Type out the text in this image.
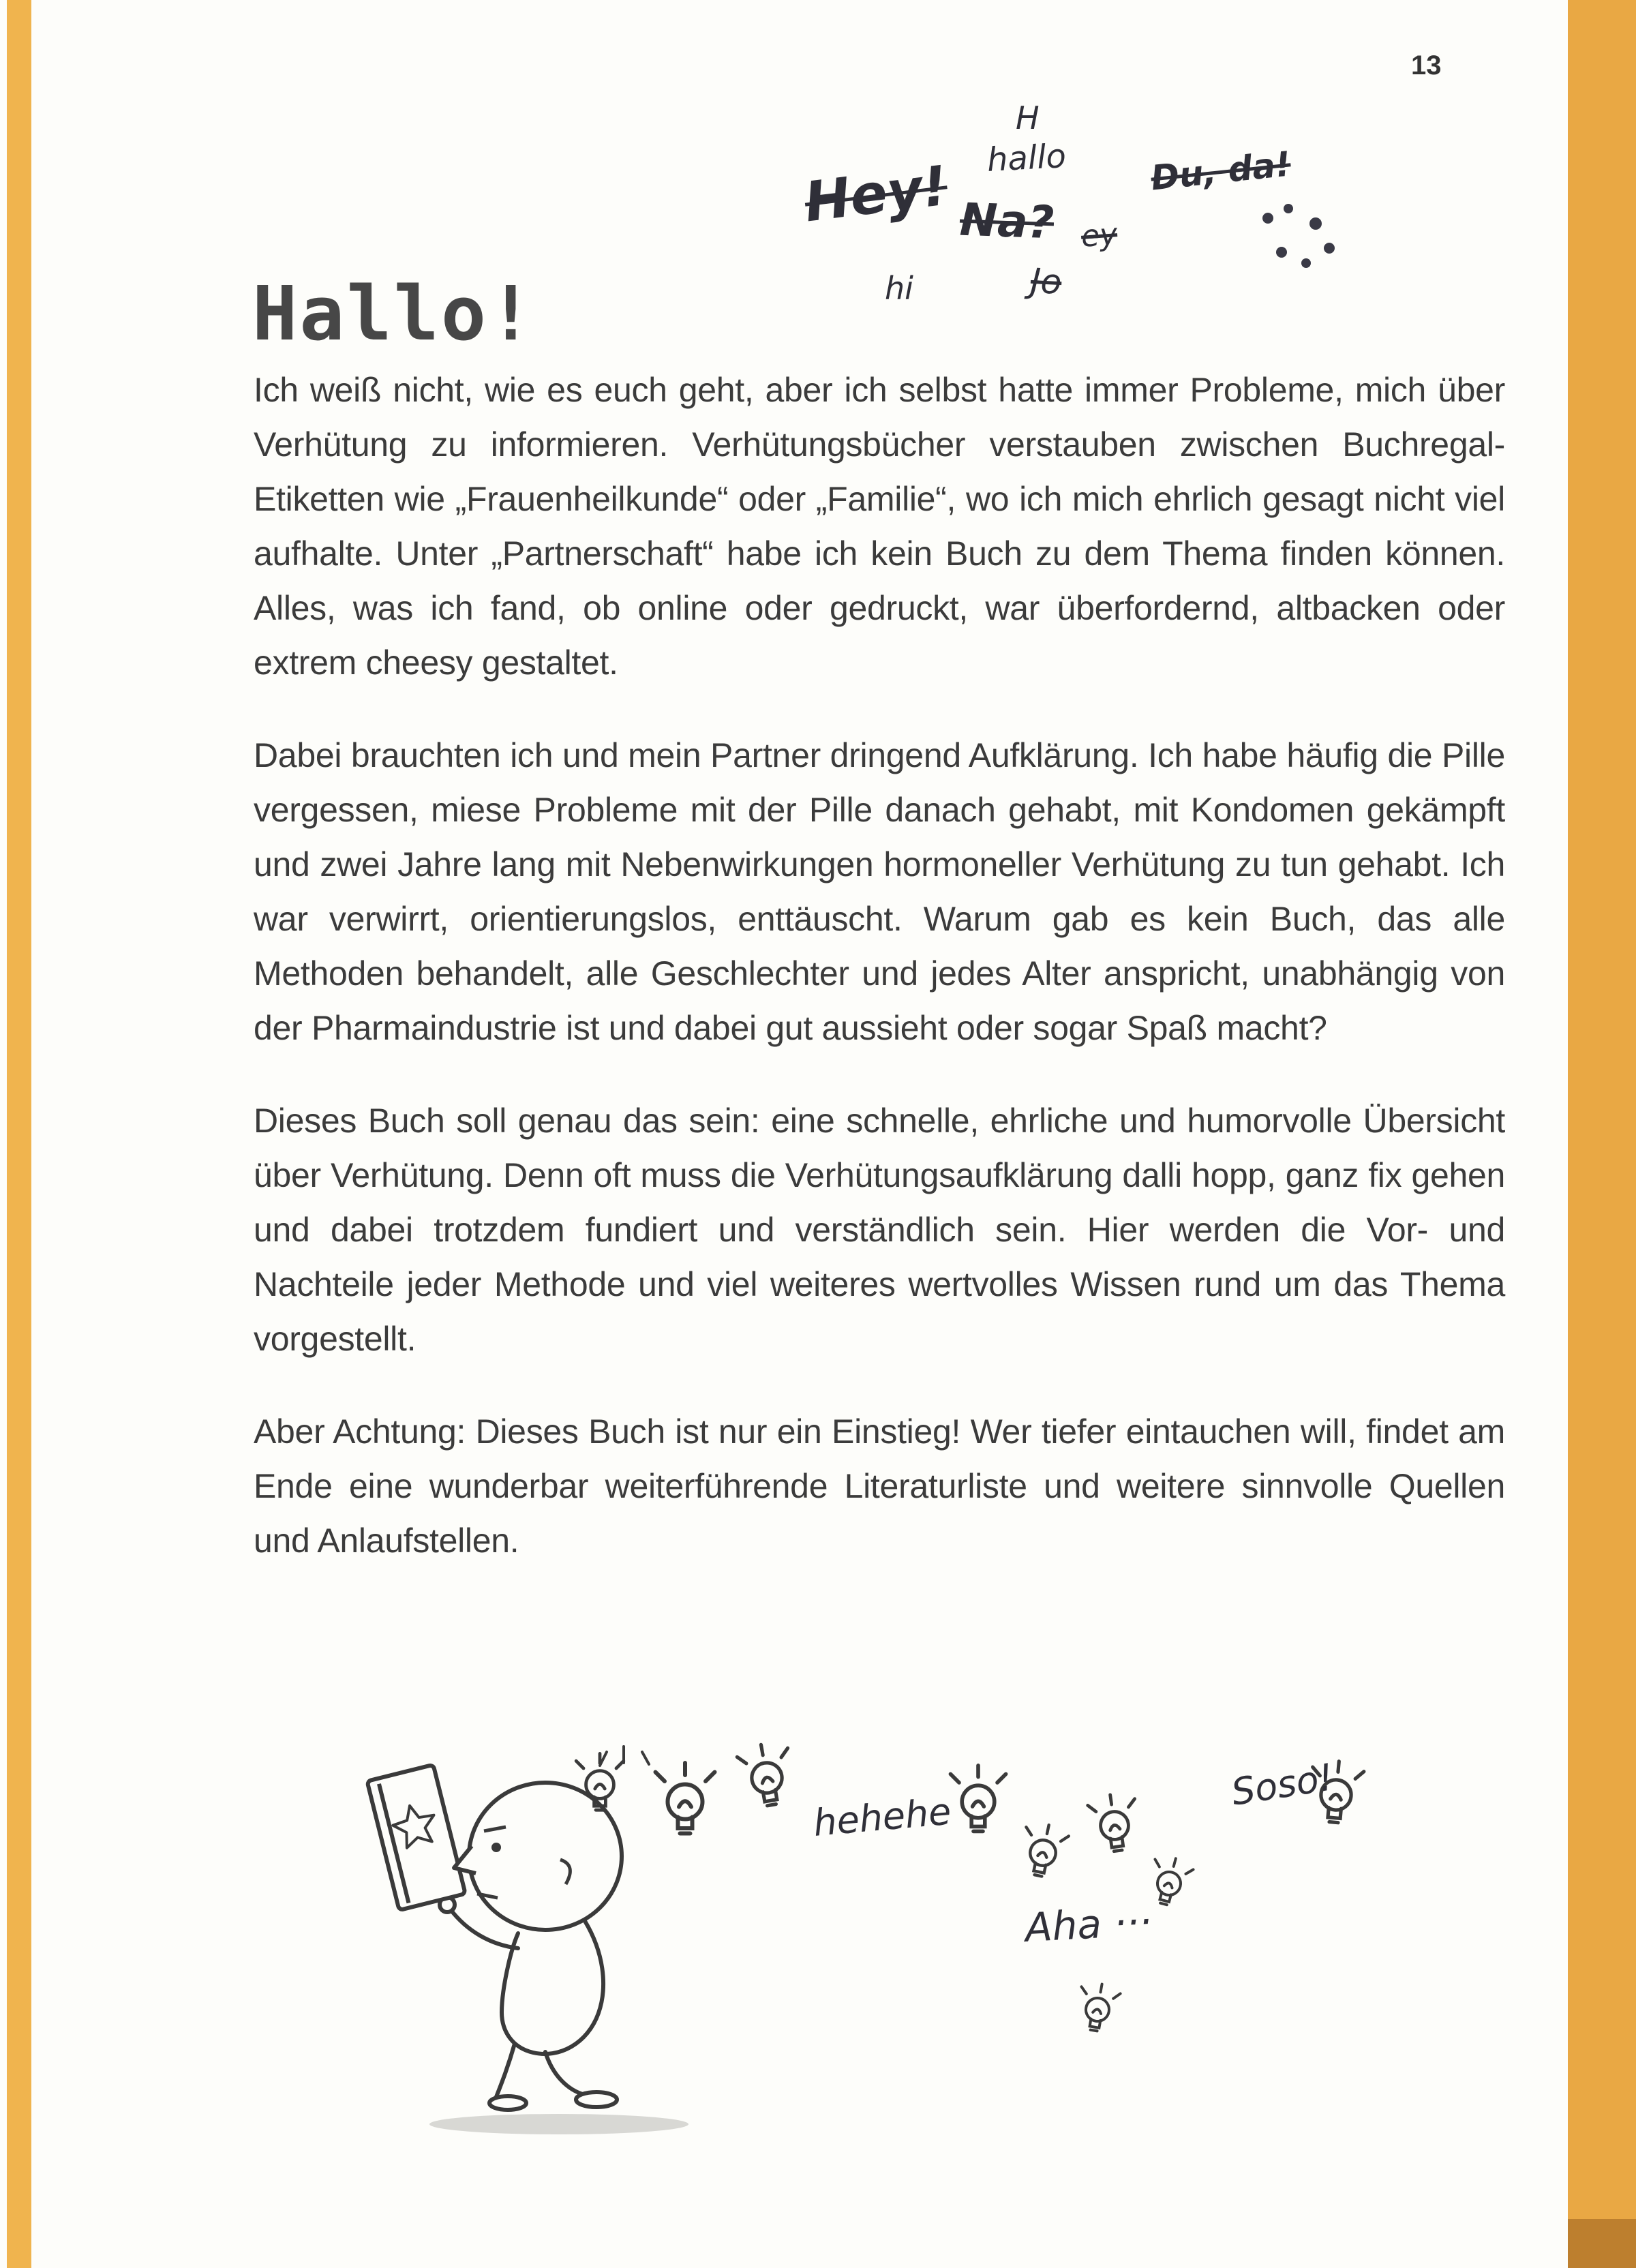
13
Hallo!
Hey!
H
hallo
Na? ey
hi	Jo
Du, da!

Ich weiß nicht, wie es euch geht, aber ich selbst hatte immer Probleme, mich über Verhütung zu informieren. Verhütungsbücher verstauben zwischen Buchregal-Etiketten wie „Frauenheilkunde“ oder „Familie“, wo ich mich ehrlich gesagt nicht viel aufhalte. Unter „Partnerschaft“ habe ich kein Buch zu dem Thema finden können. Alles, was ich fand, ob online oder gedruckt, war überfordernd, altbacken oder extrem cheesy gestaltet.

Dabei brauchten ich und mein Partner dringend Aufklärung. Ich habe häufig die Pille vergessen, miese Probleme mit der Pille danach gehabt, mit Kondomen gekämpft und zwei Jahre lang mit Nebenwirkungen hormoneller Verhütung zu tun gehabt. Ich war verwirrt, orientierungslos, enttäuscht. Warum gab es kein Buch, das alle Methoden behandelt, alle Geschlechter und jedes Alter anspricht, unabhängig von der Pharmaindustrie ist und dabei gut aussieht oder sogar Spaß macht?

Dieses Buch soll genau das sein: eine schnelle, ehrliche und humorvolle Übersicht über Verhütung. Denn oft muss die Verhütungsaufklärung dalli hopp, ganz fix gehen und dabei trotzdem fundiert und verständlich sein. Hier werden die Vor- und Nachteile jeder Methode und viel weiteres wertvolles Wissen rund um das Thema vorgestellt.

Aber Achtung: Dieses Buch ist nur ein Einstieg! Wer tiefer eintauchen will, findet am Ende eine wunderbar weiterführende Literaturliste und weitere sinnvolle Quellen und Anlaufstellen.

hehehe
Aha ···
Soso!
